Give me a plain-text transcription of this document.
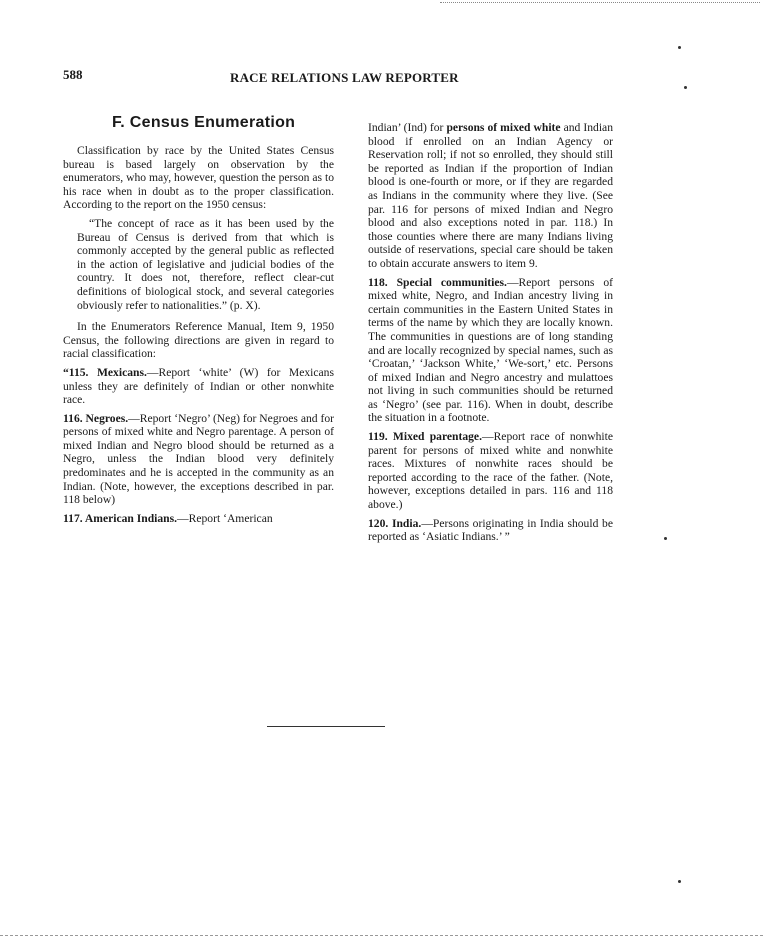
588	RACE RELATIONS LAW REPORTER
F. Census Enumeration

Classification by race by the United States Census bureau is based largely on observation by the enumerators, who may, however, question the person as to his race when in doubt as to the proper classification. According to the report on the 1950 census:

“The concept of race as it has been used by the Bureau of Census is derived from that which is commonly accepted by the general public as reflected in the action of legislative and judicial bodies of the country. It does not, therefore, reflect clear-cut definitions of biological stock, and several categories obviously refer to nationalities.” (p. X).

In the Enumerators Reference Manual, Item 9, 1950 Census, the following directions are given in regard to racial classification:

“115. Mexicans.—Report ‘white’ (W) for Mexicans unless they are definitely of Indian or other nonwhite race.

116. Negroes.—Report ‘Negro’ (Neg) for Negroes and for persons of mixed white and Negro parentage. A person of mixed Indian and Negro blood should be returned as a Negro, unless the Indian blood very definitely predominates and he is accepted in the community as an Indian. (Note, however, the exceptions described in par. 118 below)

117. American Indians.—Report ‘American

Indian’ (Ind) for persons of mixed white and Indian blood if enrolled on an Indian Agency or Reservation roll; if not so enrolled, they should still be reported as Indian if the proportion of Indian blood is one-fourth or more, or if they are regarded as Indians in the community where they live. (See par. 116 for persons of mixed Indian and Negro blood and also exceptions noted in par. 118.) In those counties where there are many Indians living outside of reservations, special care should be taken to obtain accurate answers to item 9.

118. Special communities.—Report persons of mixed white, Negro, and Indian ancestry living in certain communities in the Eastern United States in terms of the name by which they are locally known. The communities in questions are of long standing and are locally recognized by special names, such as ‘Croatan,’ ‘Jackson White,’ ‘We-sort,’ etc. Persons of mixed Indian and Negro ancestry and mulattoes not living in such communities should be returned as ‘Negro’ (see par. 116). When in doubt, describe the situation in a footnote.

119. Mixed parentage.—Report race of nonwhite parent for persons of mixed white and nonwhite races. Mixtures of nonwhite races should be reported according to the race of the father. (Note, however, exceptions detailed in pars. 116 and 118 above.)

120. India.—Persons originating in India should be reported as ‘Asiatic Indians.’ ”
